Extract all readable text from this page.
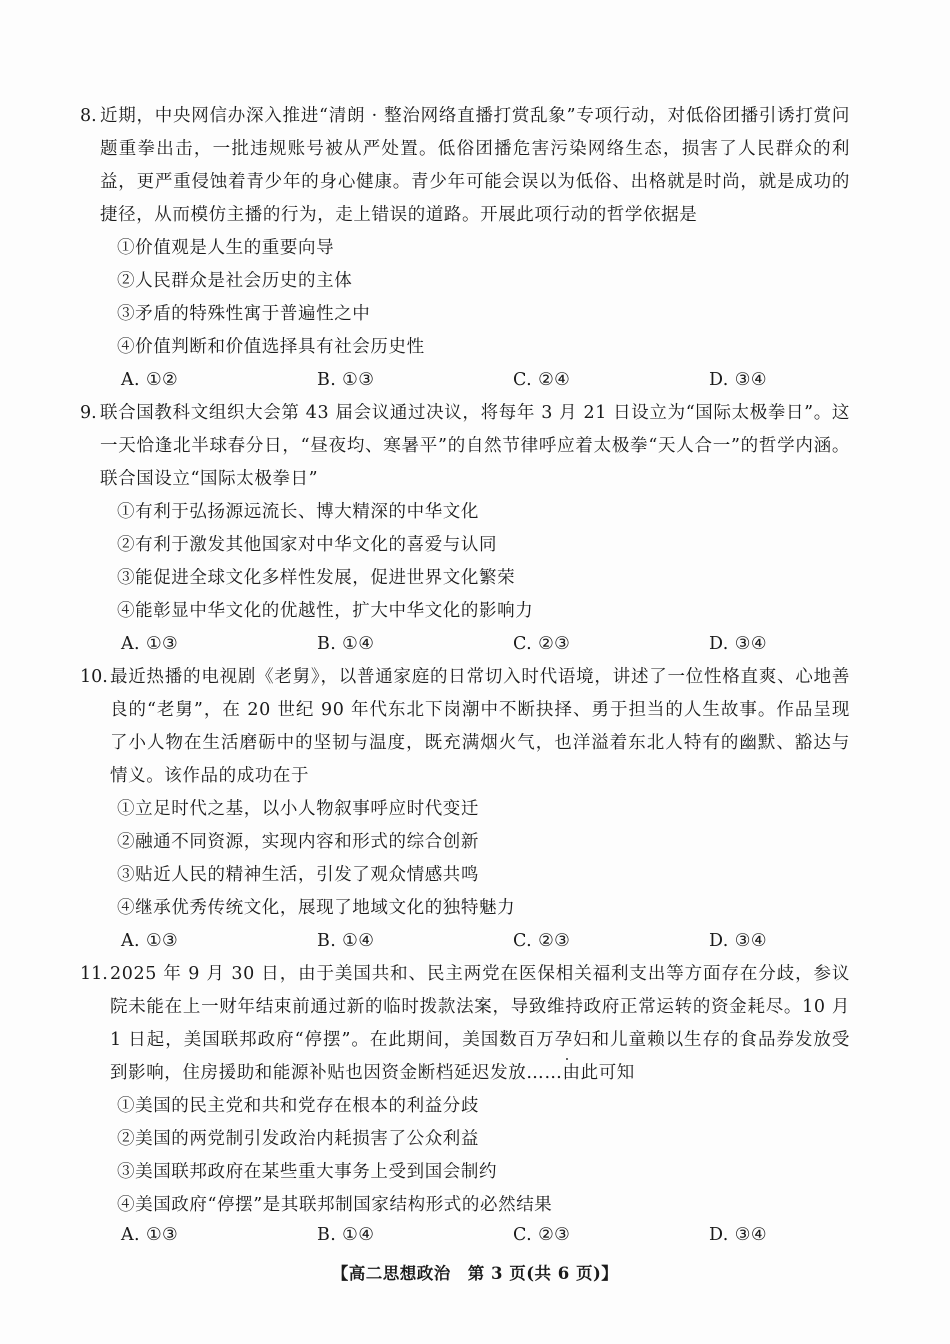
8. 近期，中央网信办深入推进“清朗 · 整治网络直播打赏乱象”专项行动，对低俗团播引诱打赏问题重拳出击，一批违规账号被从严处置。低俗团播危害污染网络生态，损害了人民群众的利益，更严重侵蚀着青少年的身心健康。青少年可能会误以为低俗、出格就是时尚，就是成功的捷径，从而模仿主播的行为，走上错误的道路。开展此项行动的哲学依据是
①价值观是人生的重要向导
②人民群众是社会历史的主体
③矛盾的特殊性寓于普遍性之中
④价值判断和价值选择具有社会历史性
A. ①②	B. ①③	C. ②④	D. ③④
9. 联合国教科文组织大会第 43 届会议通过决议，将每年 3 月 21 日设立为“国际太极拳日”。这一天恰逢北半球春分日，“昼夜均、寒暑平”的自然节律呼应着太极拳“天人合一”的哲学内涵。联合国设立“国际太极拳日”
①有利于弘扬源远流长、博大精深的中华文化
②有利于激发其他国家对中华文化的喜爱与认同
③能促进全球文化多样性发展，促进世界文化繁荣
④能彰显中华文化的优越性，扩大中华文化的影响力
A. ①③	B. ①④	C. ②③	D. ③④
10. 最近热播的电视剧《老舅》，以普通家庭的日常切入时代语境，讲述了一位性格直爽、心地善良的“老舅”，在 20 世纪 90 年代东北下岗潮中不断抉择、勇于担当的人生故事。作品呈现了小人物在生活磨砺中的坚韧与温度，既充满烟火气，也洋溢着东北人特有的幽默、豁达与情义。该作品的成功在于
①立足时代之基，以小人物叙事呼应时代变迁
②融通不同资源，实现内容和形式的综合创新
③贴近人民的精神生活，引发了观众情感共鸣
④继承优秀传统文化，展现了地域文化的独特魅力
A. ①③	B. ①④	C. ②③	D. ③④
11. 2025 年 9 月 30 日，由于美国共和、民主两党在医保相关福利支出等方面存在分歧，参议院未能在上一财年结束前通过新的临时拨款法案，导致维持政府正常运转的资金耗尽。10 月 1 日起，美国联邦政府“停摆”。在此期间，美国数百万孕妇和儿童赖以生存的食品券发放受到影响，住房援助和能源补贴也因资金断档延迟发放……由此可知
①美国的民主党和共和党存在根本的利益分歧
②美国的两党制引发政治内耗损害了公众利益
③美国联邦政府在某些重大事务上受到国会制约
④美国政府“停摆”是其联邦制国家结构形式的必然结果
A. ①③	B. ①④	C. ②③	D. ③④
【高二思想政治　第 3 页(共 6 页)】
